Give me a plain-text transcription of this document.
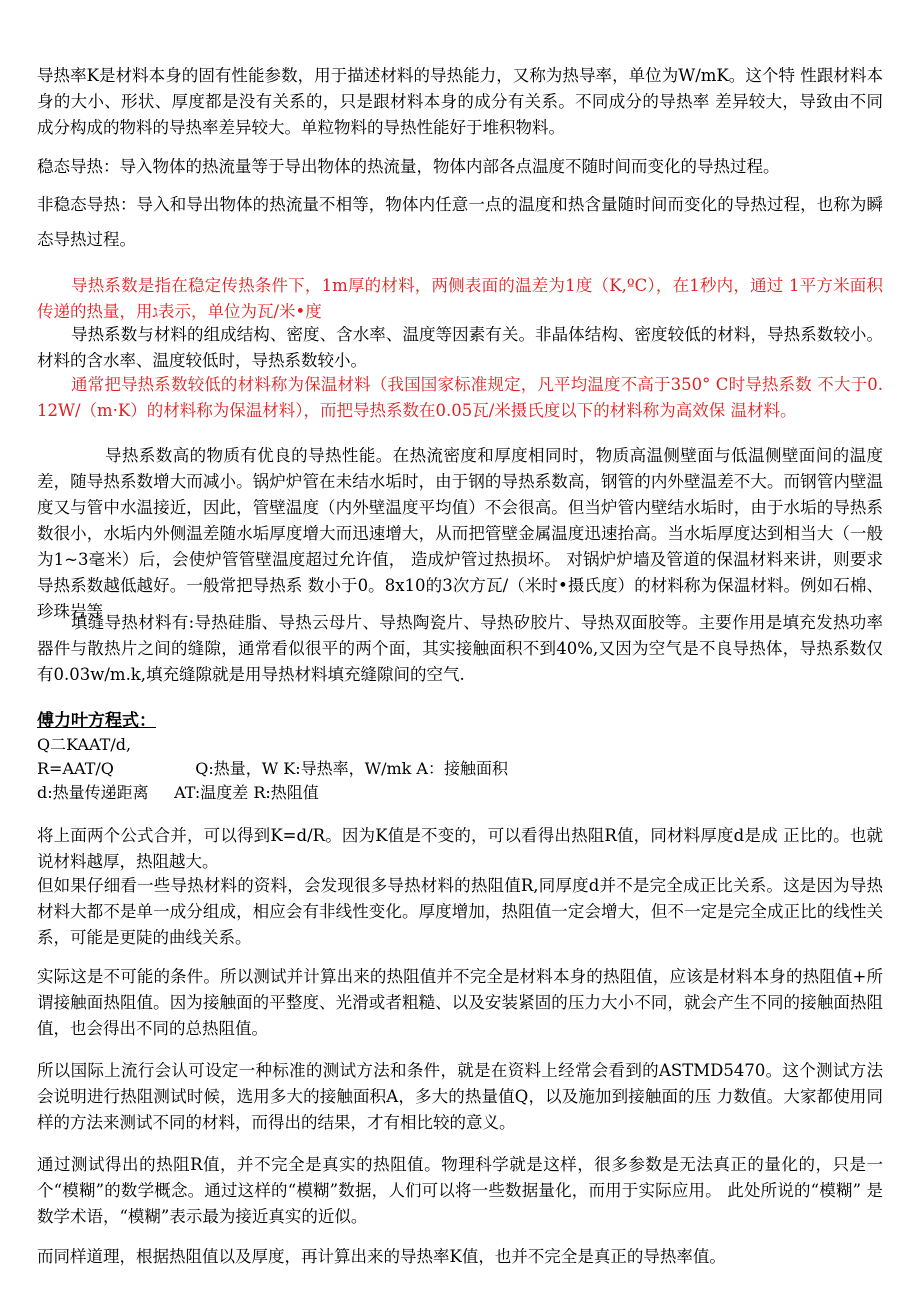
导热率K是材料本身的固有性能参数，用于描述材料的导热能力，又称为热导率，单位为W/mK。这个特 性跟材料本身的大小、形状、厚度都是没有关系的，只是跟材料本身的成分有关系。不同成分的导热率 差异较大，导致由不同成分构成的物料的导热率差异较大。单粒物料的导热性能好于堆积物料。

稳态导热：导入物体的热流量等于导出物体的热流量，物体内部各点温度不随时间而变化的导热过程。

非稳态导热：导入和导出物体的热流量不相等，物体内任意一点的温度和热含量随时间而变化的导热过程，也称为瞬态导热过程。

导热系数是指在稳定传热条件下，1m厚的材料，两侧表面的温差为1度（K,ºC），在1秒内，通过 1平方米面积传递的热量，用ג表示，单位为瓦/米•度

导热系数与材料的组成结构、密度、含水率、温度等因素有关。非晶体结构、密度较低的材料，导热系数较小。材料的含水率、温度较低时，导热系数较小。

通常把导热系数较低的材料称为保温材料（我国国家标准规定，凡平均温度不高于350° C时导热系数 不大于0.12W/（m·K）的材料称为保温材料），而把导热系数在0.05瓦/米摄氏度以下的材料称为高效保 温材料。

导热系数高的物质有优良的导热性能。在热流密度和厚度相同时，物质高温侧壁面与低温侧壁面间的温度差，随导热系数增大而减小。锅炉炉管在未结水垢时，由于钢的导热系数高，钢管的内外壁温差不大。而钢管内壁温度又与管中水温接近，因此，管壁温度（内外壁温度平均值）不会很高。但当炉管内壁结水垢时，由于水垢的导热系数很小，水垢内外侧温差随水垢厚度增大而迅速增大，从而把管壁金属温度迅速抬高。当水垢厚度达到相当大（一般为1~3毫米）后，会使炉管管壁温度超过允许值， 造成炉管过热损坏。 对锅炉炉墙及管道的保温材料来讲，则要求导热系数越低越好。一般常把导热系 数小于0。8x10的3次方瓦/（米时•摄氏度）的材料称为保温材料。例如石棉、珍珠岩等

填缝导热材料有:导热硅脂、导热云母片、导热陶瓷片、导热矽胶片、导热双面胶等。主要作用是填充发热功率器件与散热片之间的缝隙，通常看似很平的两个面，其实接触面积不到40%,又因为空气是不良导热体，导热系数仅有0.03w/m.k,填充缝隙就是用导热材料填充缝隙间的空气.

傅力叶方程式：

Q二KAAT/d,

R=AAT/Q                Q:热量，W K:导热率，W/mk A：接触面积

d:热量传递距离     AT:温度差 R:热阻值

将上面两个公式合并，可以得到K=d/R。因为K值是不变的，可以看得出热阻R值，同材料厚度d是成 正比的。也就说材料越厚，热阻越大。

但如果仔细看一些导热材料的资料，会发现很多导热材料的热阻值R,同厚度d并不是完全成正比关系。这是因为导热材料大都不是单一成分组成，相应会有非线性变化。厚度增加，热阻值一定会增大，但不一定是完全成正比的线性关系，可能是更陡的曲线关系。

实际这是不可能的条件。所以测试并计算出来的热阻值并不完全是材料本身的热阻值，应该是材料本身的热阻值+所谓接触面热阻值。因为接触面的平整度、光滑或者粗糙、以及安装紧固的压力大小不同，就会产生不同的接触面热阻值，也会得出不同的总热阻值。

所以国际上流行会认可设定一种标准的测试方法和条件，就是在资料上经常会看到的ASTMD5470。这个测试方法会说明进行热阻测试时候，选用多大的接触面积A，多大的热量值Q，以及施加到接触面的压 力数值。大家都使用同样的方法来测试不同的材料，而得出的结果，才有相比较的意义。

通过测试得出的热阻R值，并不完全是真实的热阻值。物理科学就是这样，很多参数是无法真正的量化的，只是一个“模糊”的数学概念。通过这样的“模糊”数据，人们可以将一些数据量化，而用于实际应用。 此处所说的“模糊” 是数学术语，“模糊”表示最为接近真实的近似。

而同样道理，根据热阻值以及厚度，再计算出来的导热率K值，也并不完全是真正的导热率值。
